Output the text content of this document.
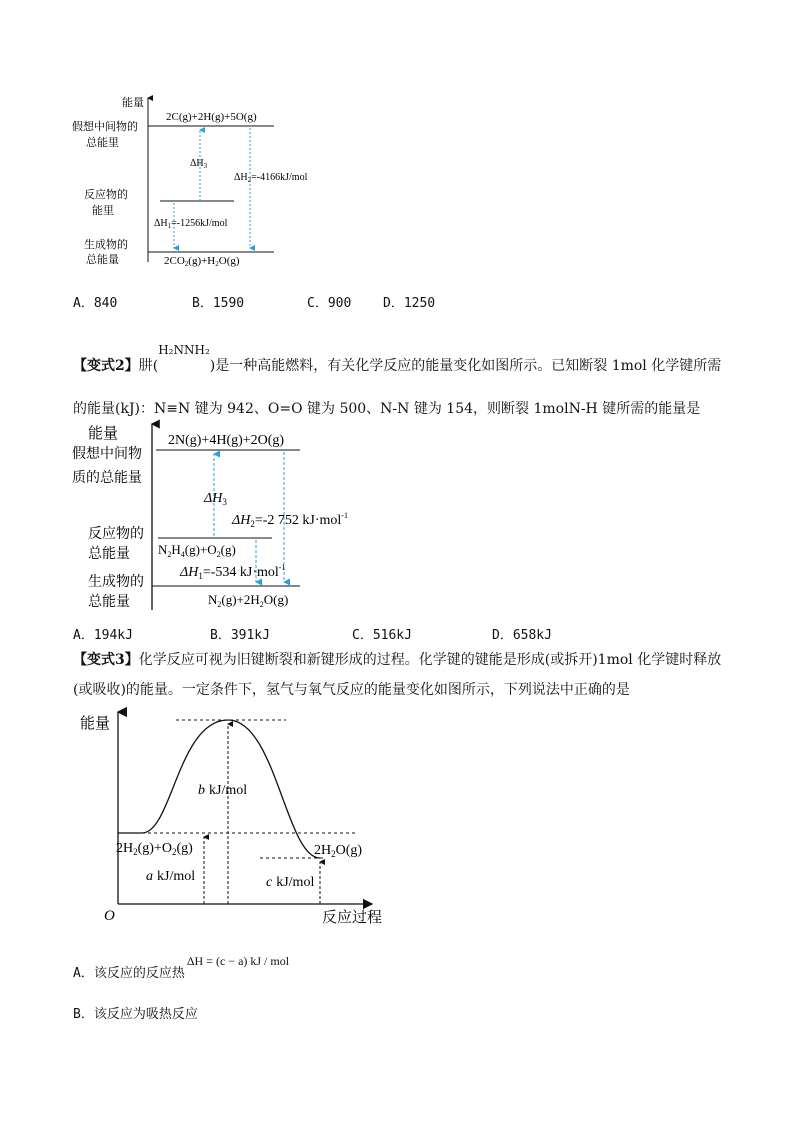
能量
假想中间物的
总能里
反应物的
能里
生成物的
总能量
2C(g)+2H(g)+5O(g)
$\Delta H_3$
$\Delta H_2=-4166kJ$/mol
$\Delta H_1=-1256kJ$/mol
2CO2(g)+H2O(g)
A．840	B．1590	C．900 D．1250
【变式2】肼(H₂NNH₂)是一种高能燃料，有关化学反应的能量变化如图所示。已知断裂 1mol 化学键所需
的能量(kJ)：N≡N 键为 942、O=O 键为 500、N-N 键为 154，则断裂 1molN-H 键所需的能量是
能量
假想中间物
质的总能量
反应物的
总能量
生成物的
总能量
2N(g)+4H(g)+2O(g)
$\Delta H_3$
$\Delta H_2=-2$ 752 kJ·mol$^{-1}$
$N_2H_4(g)+O_2(g)$
$\Delta H_1=-534$ kJ·mol$^{-1}$
$N_2(g)+2H_2O(g)$
A．194kJ	B．391kJ	C．516kJ	D．658kJ
【变式3】化学反应可视为旧键断裂和新键形成的过程。化学键的键能是形成(或拆开)1mol 化学键时释放
(或吸收)的能量。一定条件下，氢气与氧气反应的能量变化如图所示，下列说法中正确的是
能量
反应过程
O
b kJ/mol
$2H_2(g)+O_2(g)$
a kJ/mol	c kJ/mol
$2H_2O(g)$
A．该反应的反应热ΔH = (c − a) kJ / mol
B．该反应为吸热反应
